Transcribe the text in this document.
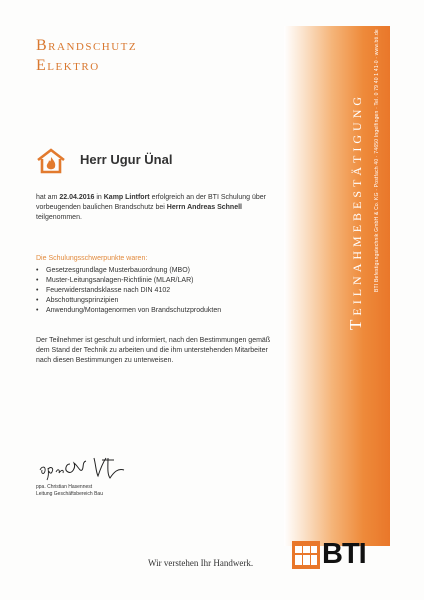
Brandschutz
Elektro
Teilnahmebestätigung BTI Befestigungstechnik GmbH & Co. KG · Postfach 40 · 74650 Ingelfingen · Tel. 0 79 40 1 41-0 · www.bti.de
Herr Ugur Ünal
hat am 22.04.2016 in Kamp Lintfort erfolgreich an der BTI Schulung über vorbeugenden baulichen Brandschutz bei Herrn Andreas Schnell teilgenommen.
Die Schulungsschwerpunkte waren:
• Gesetzesgrundlage Musterbauordnung (MBO)
• Muster-Leitungsanlagen-Richtlinie (MLAR/LAR)
• Feuerwiderstandsklasse nach DIN 4102
• Abschottungsprinzipien
• Anwendung/Montagenormen von Brandschutzprodukten
Der Teilnehmer ist geschult und informiert, nach den Bestimmungen gemäß dem Stand der Technik zu arbeiten und die ihm unterstehenden Mitarbeiter nach diesen Bestimmungen zu unterweisen.
ppa. Christian Hasennest
Leitung Geschäftsbereich Bau
Wir verstehen Ihr Handwerk. BTI
